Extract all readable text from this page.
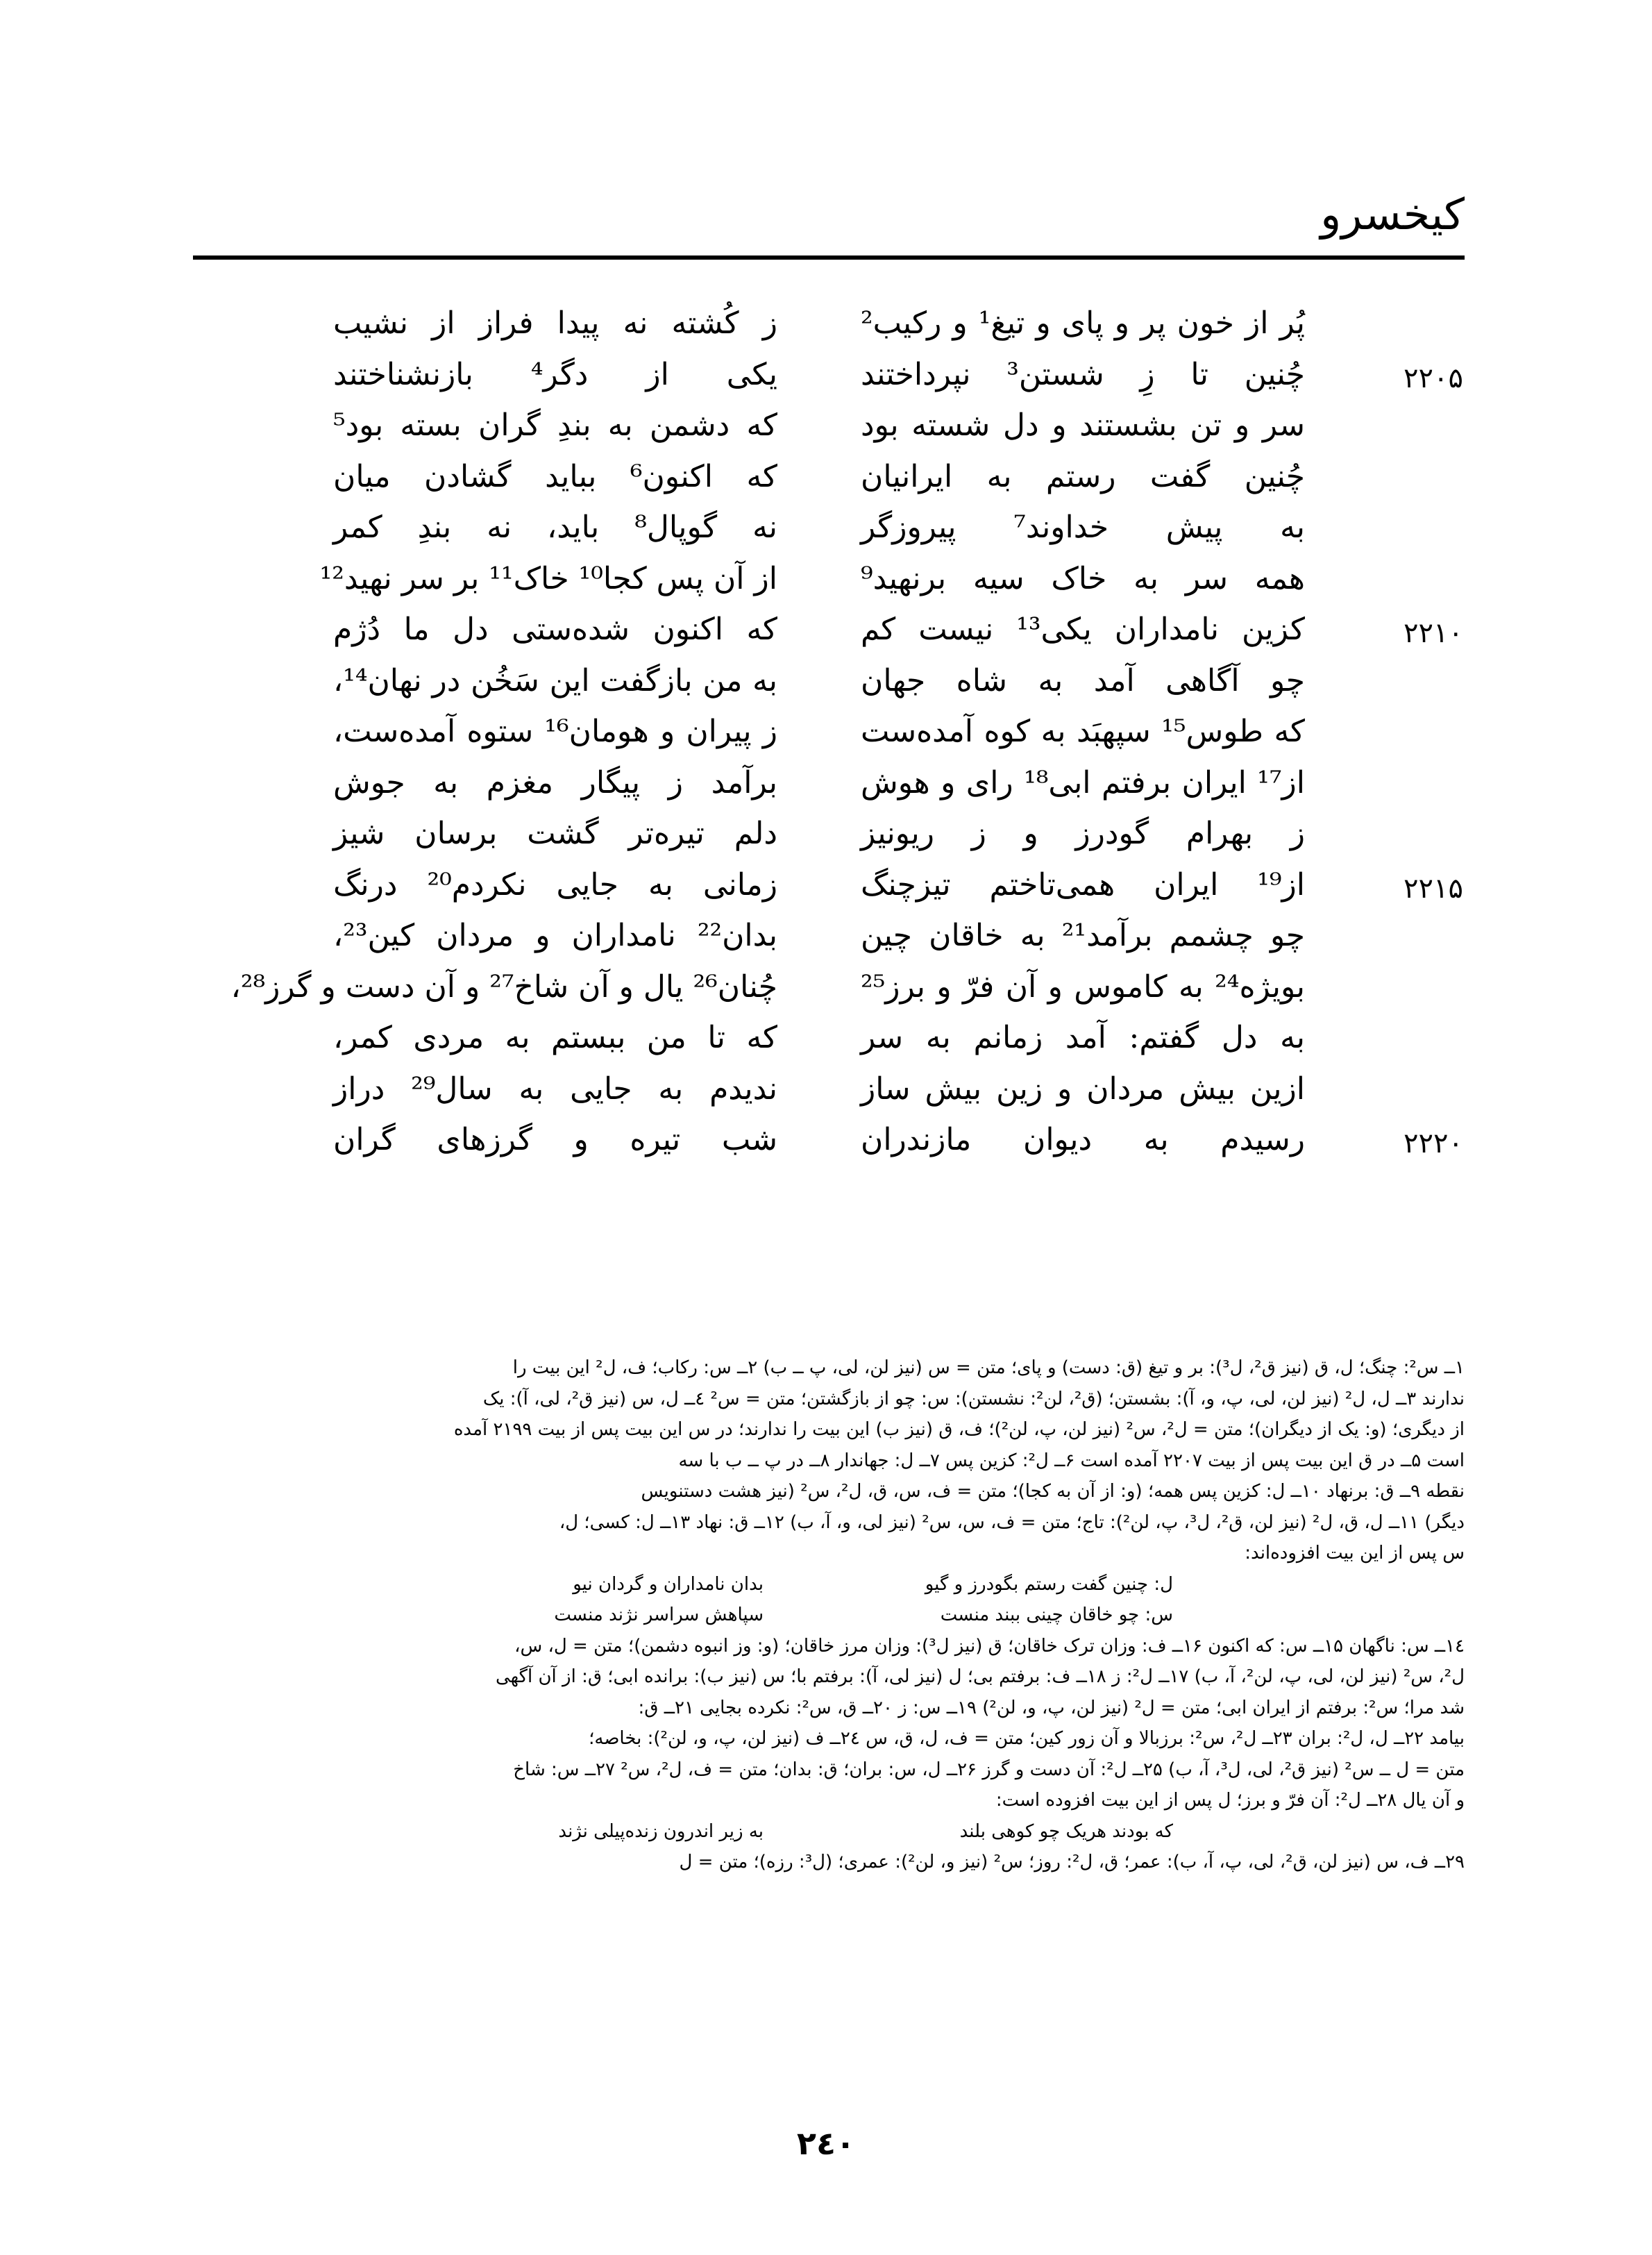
کیخسرو
پُر از خون پر و پای و تیغ¹ و رکیب²
ز کُشته نه پیدا فراز از نشیب
۲۲۰۵
چُنین تا زِ شستن³ نپرداختند
یکی از دگر⁴ بازنشناختند
سر و تن بشستند و دل شسته بود
که دشمن به بندِ گران بسته بود⁵
چُنین گفت رستم به ایرانیان
که اکنون⁶ بباید گشادن میان
به پیش خداوند⁷ پیروزگر
نه گوپال⁸ باید، نه بندِ کمر
همه سر به خاک سیه برنهید⁹
از آن پس کجا¹⁰ خاک¹¹ بر سر نهید¹²
۲۲۱۰
کزین نامداران یکی¹³ نیست کم
که اکنون شده‌ستی دل ما دُژم
چو آگاهی آمد به شاه جهان
به من بازگفت این سَخُن در نهان¹⁴،
که طوس¹⁵ سپهبَد به کوه آمده‌ست
ز پیران و هومان¹⁶ ستوه آمده‌ست،
از¹⁷ ایران برفتم ابی¹⁸ رای و هوش
برآمد ز پیگار مغزم به جوش
ز بهرام گودرز و ز ریونیز
دلم تیره‌تر گشت برسان شیز
۲۲۱۵
از¹⁹ ایران همی‌تاختم تیزچنگ
زمانی به جایی نکردم²⁰ درنگ
چو چشمم برآمد²¹ به خاقان چین
بدان²² نامداران و مردان کین²³،
بویژه²⁴ به کاموس و آن فرّ و برز²⁵
چُنان²⁶ یال و آن شاخ²⁷ و آن دست و گرز²⁸،
به دل گفتم: آمد زمانم به سر
که تا من ببستم به مردی کمر،
ازین بیش مردان و زین بیش ساز
ندیدم به جایی به سال²⁹ دراز
۲۲۲۰
رسیدم به دیوان مازندران
شب تیره و گرزهای گران
۱ــ س²: چنگ؛ ل، ق (نیز ق²، ل³): بر و تیغ (ق: دست) و پای؛ متن = س (نیز لن، لی، پ ــ ب) ۲ــ س: رکاب؛ ف، ل² این بیت را
ندارند ۳ــ ل، ل² (نیز لن، لی، پ، و، آ): بشستن؛ (ق²، لن²: نشستن): س: چو از بازگشتن؛ متن = س² ٤ــ ل، س (نیز ق²، لی، آ): یک
از دیگری؛ (و: یک از دیگران)؛ متن = ل²، س² (نیز لن، پ، لن²)؛ ف، ق (نیز ب) این بیت را ندارند؛ در س این بیت پس از بیت ۲۱۹۹ آمده
است ۵ــ در ق این بیت پس از بیت ۲۲۰۷ آمده است ۶ــ ل²: کزین پس ۷ــ ل: جهاندار ۸ــ در پ ــ ب با سه
نقطه ۹ــ ق: برنهاد ۱۰ــ ل: کزین پس همه؛ (و: از آن به کجا)؛ متن = ف، س، ق، ل²، س² (نیز هشت دستنویس
دیگر) ۱۱ــ ل، ق، ل² (نیز لن، ق²، ل³، پ، لن²): تاج؛ متن = ف، س، س² (نیز لی، و، آ، ب) ۱۲ــ ق: نهاد ۱۳ــ ل: کسی؛ ل،
س پس از این بیت افزوده‌اند:
ل: چنین گفت رستم بگودرز و گیو
بدان نامداران و گردان نیو
س: چو خاقان چینی ببند منست
سپاهش سراسر نژند منست
۱٤ــ س: ناگهان ۱۵ــ س: که اکنون ۱۶ــ ف: وزان ترک خاقان؛ ق (نیز ل³): وزان مرز خاقان؛ (و: وز انبوه دشمن)؛ متن = ل، س،
ل²، س² (نیز لن، لی، پ، لن²، آ، ب) ۱۷ــ ل²: ز ۱۸ــ ف: برفتم بی؛ ل (نیز لی، آ): برفتم با؛ س (نیز ب): برانده ابی؛ ق: از آن آگهی
شد مرا؛ س²: برفتم از ایران ابی؛ متن = ل² (نیز لن، پ، و، لن²) ۱۹ــ س: ز ۲۰ــ ق، س²: نکرده بجایی ۲۱ــ ق:
بیامد ۲۲ــ ل، ل²: بران ۲۳ــ ل²، س²: برزبالا و آن زور کین؛ متن = ف، ل، ق، س ۲٤ــ ف (نیز لن، پ، و، لن²): بخاصه؛
متن = ل ــ س² (نیز ق²، لی، ل³، آ، ب) ۲۵ــ ل²: آن دست و گرز ۲۶ــ ل، س: بران؛ ق: بدان؛ متن = ف، ل²، س² ۲۷ــ س: شاخ
و آن یال ۲۸ــ ل²: آن فرّ و برز؛ ل پس از این بیت افزوده است:
که بودند هریک چو کوهی بلند
به زیر اندرون زنده‌پیلی نژند
۲۹ــ ف، س (نیز لن، ق²، لی، پ، آ، ب): عمر؛ ق، ل²: روز؛ س² (نیز و، لن²): عمری؛ (ل³: رزه)؛ متن = ل
۲٤۰
